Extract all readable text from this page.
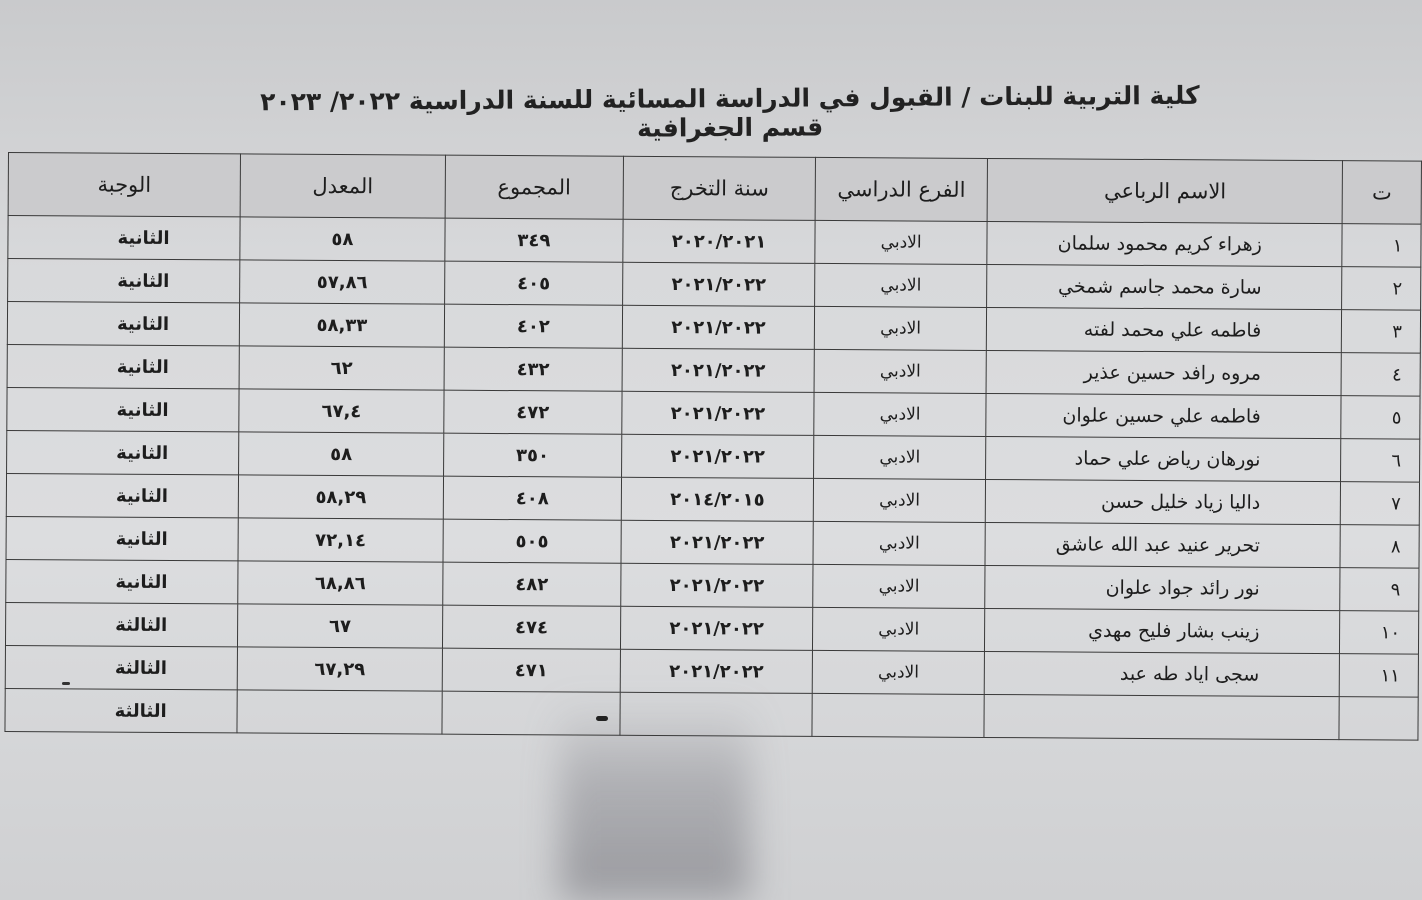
كلية التربية للبنات / القبول في الدراسة المسائية للسنة الدراسية ٢٠٢٢/ ٢٠٢٣ قسم الجغرافية
ت	الاسم الرباعي	الفرع الدراسي	سنة التخرج	المجموع	المعدل	الوجبة
١	زهراء كريم محمود سلمان	الادبي	٢٠٢٠/٢٠٢١	٣٤٩	٥٨	الثانية
٢	سارة محمد جاسم شمخي	الادبي	٢٠٢١/٢٠٢٢	٤٠٥	٥٧,٨٦	الثانية
٣	فاطمه علي محمد لفته	الادبي	٢٠٢١/٢٠٢٢	٤٠٢	٥٨,٣٣	الثانية
٤	مروه رافد حسين عذير	الادبي	٢٠٢١/٢٠٢٢	٤٣٢	٦٢	الثانية
٥	فاطمه علي حسين علوان	الادبي	٢٠٢١/٢٠٢٢	٤٧٢	٦٧,٤	الثانية
٦	نورهان رياض علي حماد	الادبي	٢٠٢١/٢٠٢٢	٣٥٠	٥٨	الثانية
٧	داليا زياد خليل حسن	الادبي	٢٠١٤/٢٠١٥	٤٠٨	٥٨,٢٩	الثانية
٨	تحرير عنيد عبد الله عاشق	الادبي	٢٠٢١/٢٠٢٢	٥٠٥	٧٢,١٤	الثانية
٩	نور رائد جواد علوان	الادبي	٢٠٢١/٢٠٢٢	٤٨٢	٦٨,٨٦	الثانية
١٠	زينب بشار فليح مهدي	الادبي	٢٠٢١/٢٠٢٢	٤٧٤	٦٧	الثالثة
١١	سجى اياد طه عبد	الادبي	٢٠٢١/٢٠٢٢	٤٧١	٦٧,٢٩	الثالثة
						الثالثة
